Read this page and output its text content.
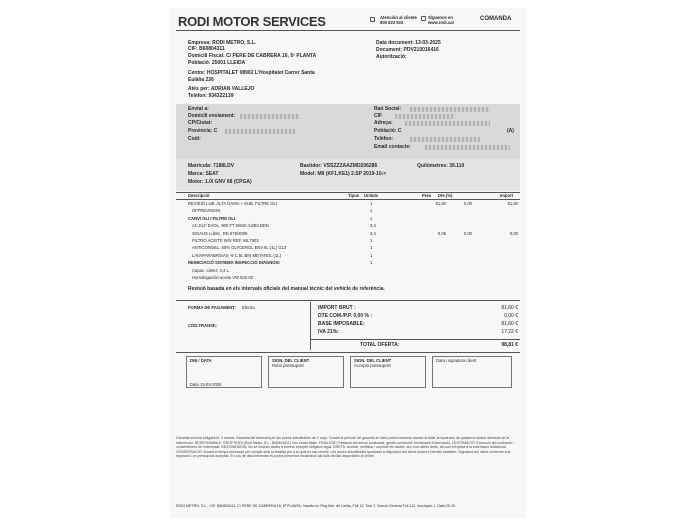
RODI MOTOR SERVICES	Atención al cliente
900 823 922
Síguenos en
www.rodi.cat
COMANDA
Empresa: RODI METRO, S.L.
CIF: B60804311
Domicili Fiscal: C/ PERE DE CABRERA 16, 5ª PLANTA
Població: 25001 LLEIDA
Centre: HOSPITALET 08902 L'Hospitalet Carrer Santa
Eulàlia 236
Atès per: ADRIAN VALLEJO
Telèfon: 934322139
Data document: 13-03-2025
Document: PDV210016416
Autorització:
Enviat a:
Domicili enviament:
CP/Ciutat:
Provincia: C
Codi:
Raó Social:
CIF
Adreça:
Població: C	(A)
Telèfon:
Email contacte:
Matrícula: 7188LDV
Marca: SEAT
Motor: 1.0l GNV 68 (CPGA)
Bastidor: VSSZZZAAZMD206286
Model: MII (KF1,KE1) 2.SP 2019-10->
Quilòmetres: 39.110
Descripció	Tipus Unitats	Preu Dte.(%)	Import
REVISIÓ LUB. ALTA GAMA + SUB. FILTRE OLI	1	81,60	0,00	81,60
OFFREVISION	1
CANVI OLI I FILTRE OLI	1
AC.ELF EVOL. 900 FT 5W40 A3/B4 BDN	3,4
SIGAUS Lubric. RD 679/2006	3,4	0,05	0,00	0,00
FILTRO ACEITE WIX REF. WL7503	1
ANTICONGEL. 50% GLYCEROL ENV.5L (1L) G13	1
LAVAPARABRISAS -9 C 5L BIN METANOL (1L)	1
REINICIACIÓ SISTEMA INSPECCIÓ DIAGNOSI	1
Capac. cárter: 3,4 L.
Homologación aceite VW 502.00
Revisió basada en els intervals oficials del manual tècnic del vehicle de referència.
FORMA DE PAGAMENT: Efectiu
COD.TRANSF.:
IMPORT BRUT :	81,60 €
DTE COM./P.P. 0,00 % :	0,00 €
BASE IMPOSABLE:	81,60 €
IVA 21%:	17,22 €
TOTAL OFERTA:	98,81 €
DNI / DATA
Data 13-03-2025
SIGN. DEL CLIENT
Rebo pressupost
SIGN. DEL CLIENT
Accepto pressupost
Data i signatura client
Garantia mínima obligatòria: 3 mesos. Garantia del fabricant per les peces substituïdes de 2 anys. Durant el període de garantia el client podrà reclamar davant el taller la reparació de qualsevol avaria derivada de la intervenció. RESPONSABLE: GRUP RODI (Rodi Metro, S.L., B60804311) i les seves filials. FINALITAT: Prestació del servei contractat, gestió comercial i enviament d'informació. LEGITIMACIÓ: Execució del contracte i consentiment de l'interessat. DESTINATARIS: No se cediran dades a tercers excepte obligació legal. DRETS: Accedir, rectificar i suprimir les dades, així com altres drets, tal com s'explica a la informació addicional. CONSERVACIÓ: Durant el temps necessari per complir amb la finalitat per a la qual es van recollir. Les peces substituïdes quedaran a disposició del client durant el termini establert. Signatura del client conforme a la reparació i al pressupost acceptat. En cas de disconformitat es podrà presentar reclamació als fulls oficials disponibles al centre.
RODI METRO, S.L., CIF: B60804311. C/ PERE DE CABRERA 16, 5ª PLANTA. Inscrita en Reg.Mer. de Lleida, Full 12, Tom 7, Secció General Full 112, Inscripció 1. Data 25-10
